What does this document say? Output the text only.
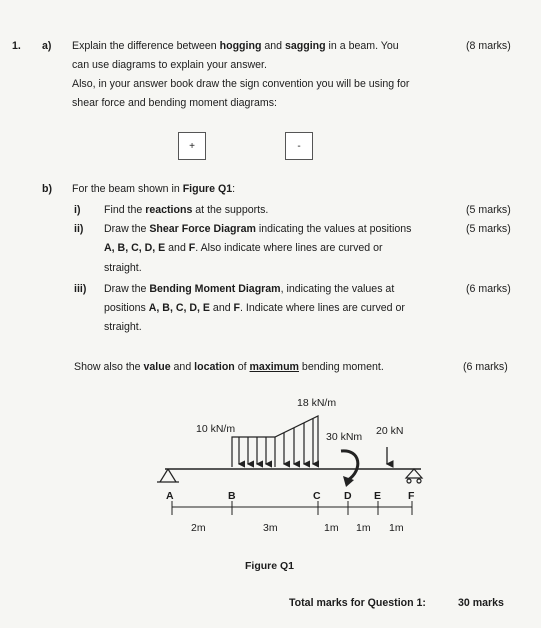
1. a) Explain the difference between hogging and sagging in a beam. You	(8 marks)
can use diagrams to explain your answer.
Also, in your answer book draw the sign convention you will be using for
shear force and bending moment diagrams:
+	-
b) For the beam shown in Figure Q1:
i) Find the reactions at the supports.	(5 marks)
ii) Draw the Shear Force Diagram indicating the values at positions	(5 marks)
A, B, C, D, E and F. Also indicate where lines are curved or
straight.
iii) Draw the Bending Moment Diagram, indicating the values at	(6 marks)
positions A, B, C, D, E and F. Indicate where lines are curved or
straight.
Show also the value and location of maximum bending moment.	(6 marks)
18 kN/m
10 kN/m
30 kNm 20 kN
A	B	C D E	F
2m	3m	1m 1m 1m
Figure Q1
Total marks for Question 1:	30 marks
